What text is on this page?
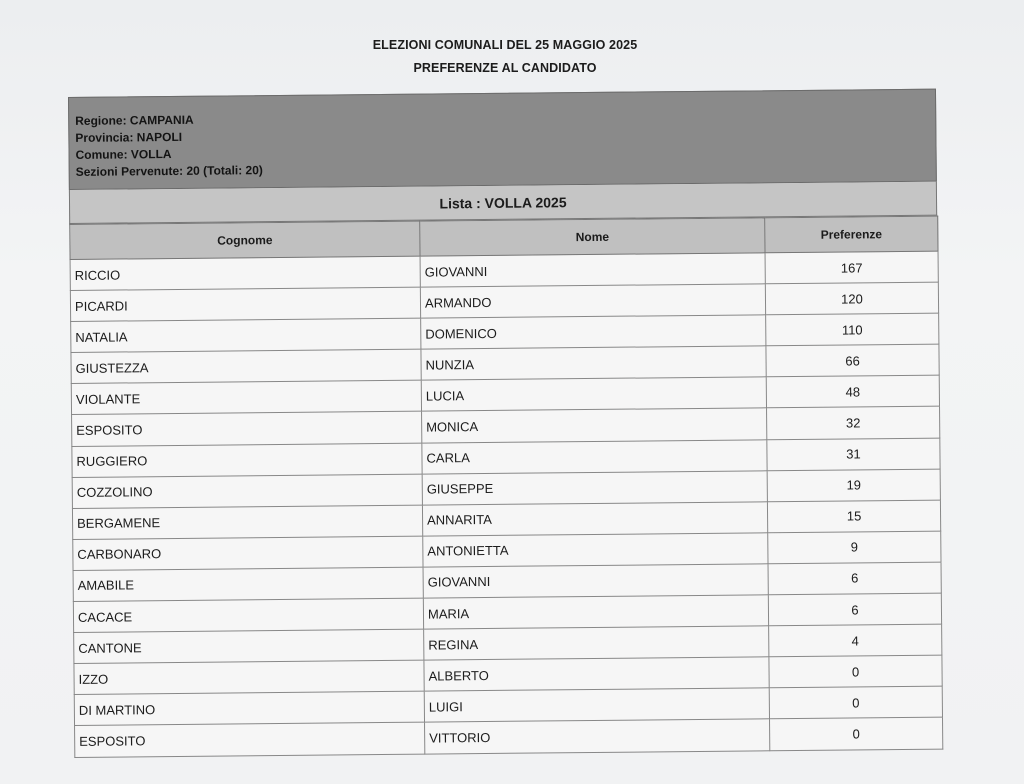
ELEZIONI COMUNALI DEL 25 MAGGIO 2025
PREFERENZE AL CANDIDATO
Regione: CAMPANIA
Provincia: NAPOLI
Comune: VOLLA
Sezioni Pervenute: 20 (Totali: 20)
Lista : VOLLA 2025
Cognome	Nome	Preferenze
RICCIO	GIOVANNI	167
PICARDI	ARMANDO	120
NATALIA	DOMENICO	110
GIUSTEZZA	NUNZIA	66
VIOLANTE	LUCIA	48
ESPOSITO	MONICA	32
RUGGIERO	CARLA	31
COZZOLINO	GIUSEPPE	19
BERGAMENE	ANNARITA	15
CARBONARO	ANTONIETTA	9
AMABILE	GIOVANNI	6
CACACE	MARIA	6
CANTONE	REGINA	4
IZZO	ALBERTO	0
DI MARTINO	LUIGI	0
ESPOSITO	VITTORIO	0
